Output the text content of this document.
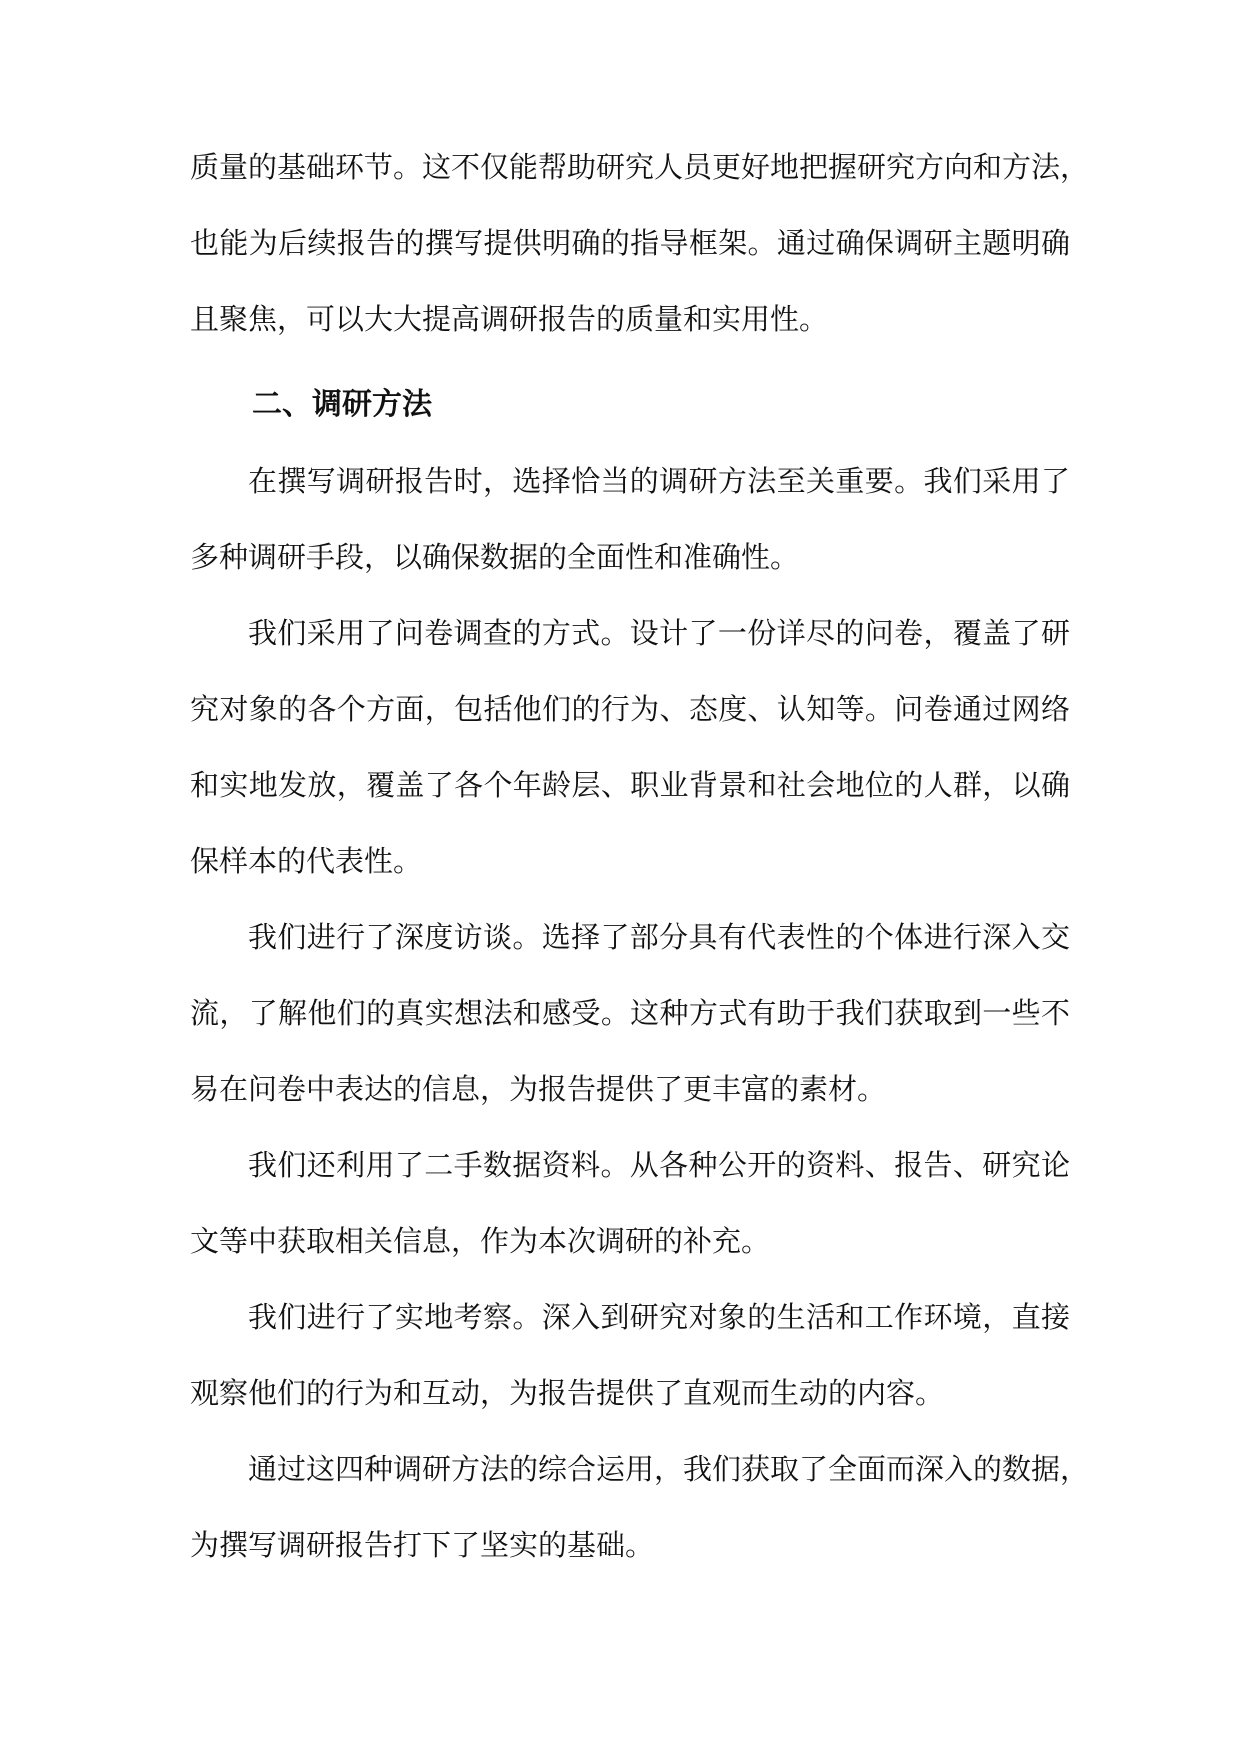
质量的基础环节。这不仅能帮助研究人员更好地把握研究方向和方法，
也能为后续报告的撰写提供明确的指导框架。通过确保调研主题明确
且聚焦，可以大大提高调研报告的质量和实用性。
二、调研方法
在撰写调研报告时，选择恰当的调研方法至关重要。我们采用了
多种调研手段，以确保数据的全面性和准确性。
我们采用了问卷调查的方式。设计了一份详尽的问卷，覆盖了研
究对象的各个方面，包括他们的行为、态度、认知等。问卷通过网络
和实地发放，覆盖了各个年龄层、职业背景和社会地位的人群，以确
保样本的代表性。
我们进行了深度访谈。选择了部分具有代表性的个体进行深入交
流，了解他们的真实想法和感受。这种方式有助于我们获取到一些不
易在问卷中表达的信息，为报告提供了更丰富的素材。
我们还利用了二手数据资料。从各种公开的资料、报告、研究论
文等中获取相关信息，作为本次调研的补充。
我们进行了实地考察。深入到研究对象的生活和工作环境，直接
观察他们的行为和互动，为报告提供了直观而生动的内容。
通过这四种调研方法的综合运用，我们获取了全面而深入的数据，
为撰写调研报告打下了坚实的基础。
